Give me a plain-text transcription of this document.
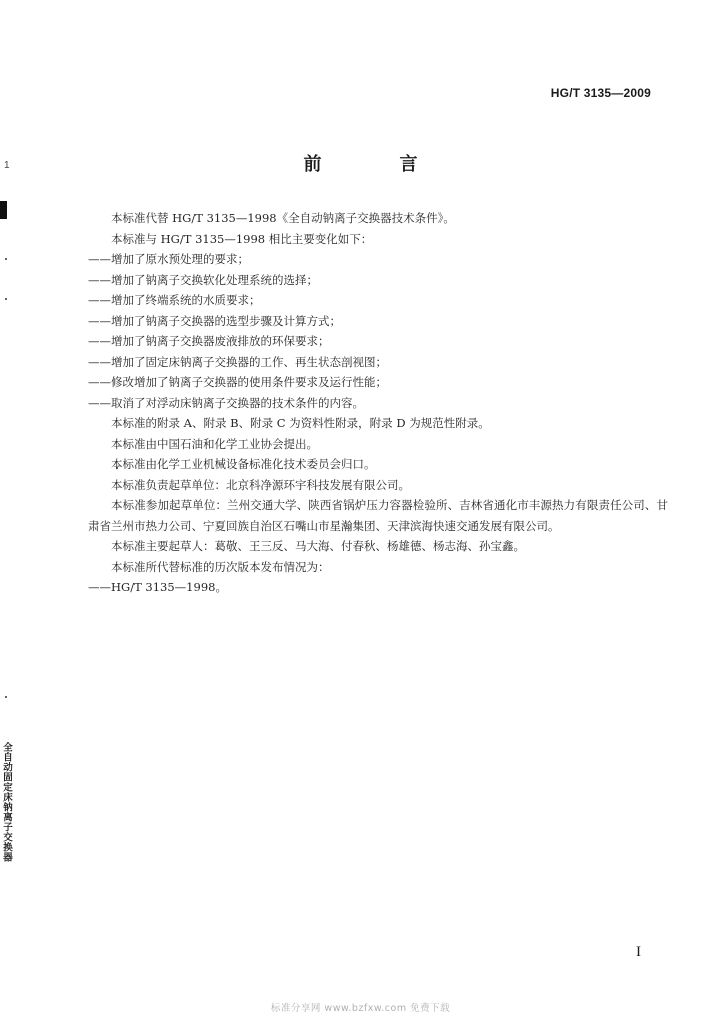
HG/T 3135—2009
1	前　言
本标准代替 HG/T 3135—1998《全自动钠离子交换器技术条件》。
本标准与 HG/T 3135—1998 相比主要变化如下：
——增加了原水预处理的要求；
——增加了钠离子交换软化处理系统的选择；
——增加了终端系统的水质要求；
——增加了钠离子交换器的选型步骤及计算方式；
——增加了钠离子交换器废液排放的环保要求；
——增加了固定床钠离子交换器的工作、再生状态剖视图；
——修改增加了钠离子交换器的使用条件要求及运行性能；
——取消了对浮动床钠离子交换器的技术条件的内容。
本标准的附录 A、附录 B、附录 C 为资料性附录，附录 D 为规范性附录。
本标准由中国石油和化学工业协会提出。
本标准由化学工业机械设备标准化技术委员会归口。
本标准负责起草单位：北京科净源环宇科技发展有限公司。
本标准参加起草单位：兰州交通大学、陕西省锅炉压力容器检验所、吉林省通化市丰源热力有限责任公司、甘肃省兰州市热力公司、宁夏回族自治区石嘴山市星瀚集团、天津滨海快速交通发展有限公司。
本标准主要起草人：葛敬、王三反、马大海、付春秋、杨雄德、杨志海、孙宝鑫。
本标准所代替标准的历次版本发布情况为：
——HG/T 3135—1998。
全自动固定床钠离子交换器
I
标准分享网 www.bzfxw.com 免费下载
